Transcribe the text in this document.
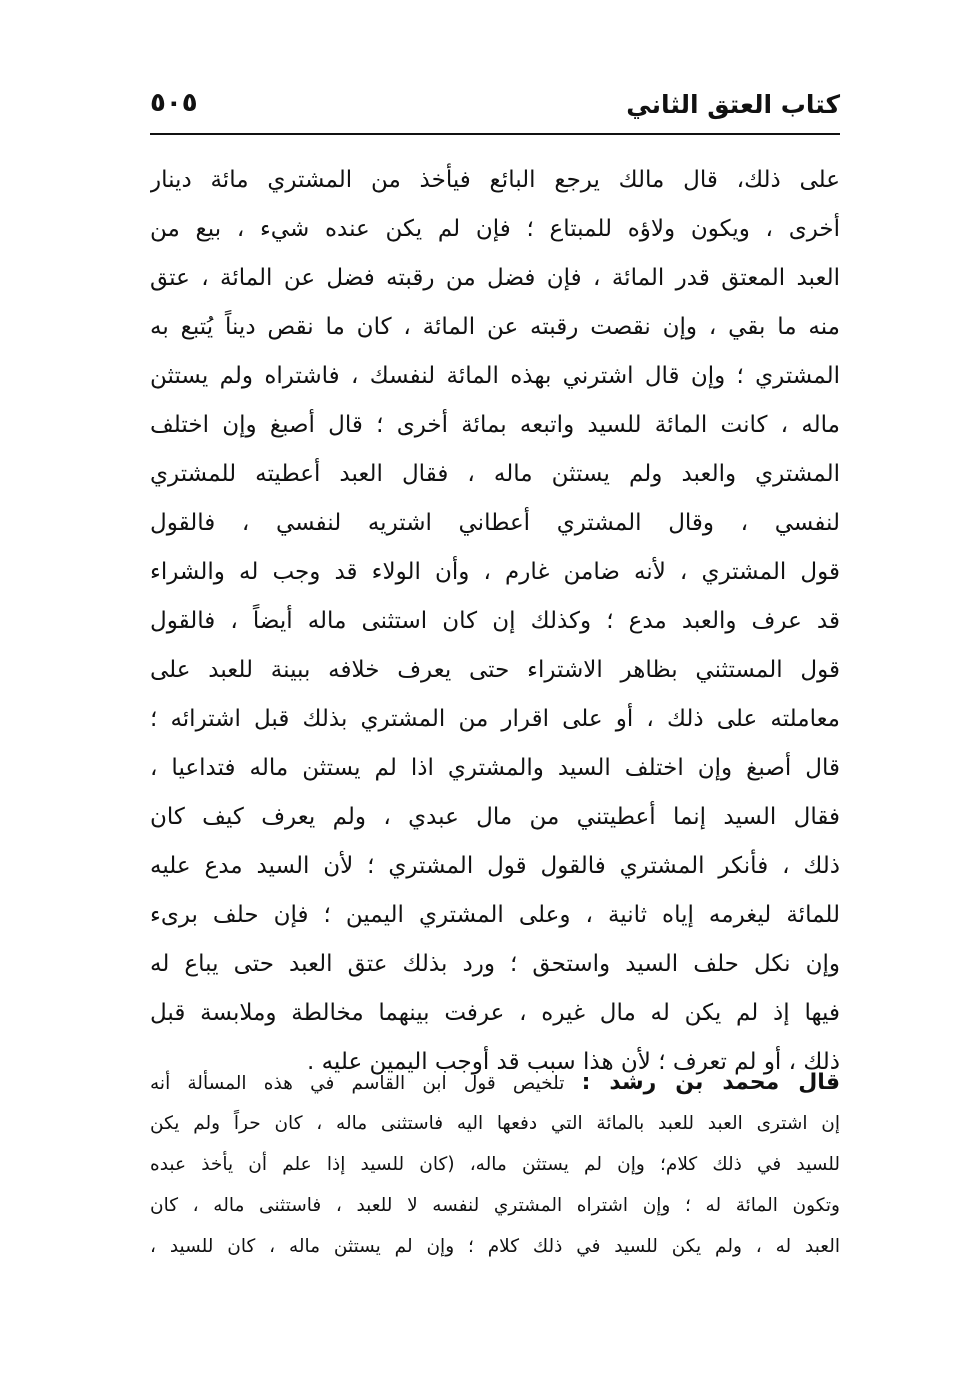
كتاب العتق الثاني
٥٠٥
على ذلك، قال مالك يرجع البائع فيأخذ من المشتري مائة دينار
أخرى ، ويكون ولاؤه للمبتاع ؛ فإن لم يكن عنده شيء ، بيع من
العبد المعتق قدر المائة ، فإن فضل من رقبته فضل عن المائة ، عتق
منه ما بقي ، وإن نقصت رقبته عن المائة ، كان ما نقص ديناً يُتبع به
المشتري ؛ وإن قال اشترني بهذه المائة لنفسك ، فاشتراه ولم يستثن
ماله ، كانت المائة للسيد واتبعه بمائة أخرى ؛ قال أصبغ وإن اختلف
المشتري والعبد ولم يستثن ماله ، فقال العبد أعطيته للمشتري
لنفسي ، وقال المشتري أعطاني اشتريه لنفسي ، فالقول
قول المشتري ، لأنه ضامن غارم ، وأن الولاء قد وجب له والشراء
قد عرف والعبد مدع ؛ وكذلك إن كان استثنى ماله أيضاً ، فالقول
قول المستثني بظاهر الاشتراء حتى يعرف خلافه ببينة للعبد على
معاملته على ذلك ، أو على اقرار من المشتري بذلك قبل اشترائه ؛
قال أصبغ وإن اختلف السيد والمشتري اذا لم يستثن ماله فتداعيا ،
فقال السيد إنما أعطيتني من مال عبدي ، ولم يعرف كيف كان
ذلك ، فأنكر المشتري فالقول قول المشتري ؛ لأن السيد مدع عليه
للمائة ليغرمه إياه ثانية ، وعلى المشتري اليمين ؛ فإن حلف برىء
وإن نكل حلف السيد واستحق ؛ ورد بذلك عتق العبد حتى يباع له
فيها إذ لم يكن له مال غيره ، عرفت بينهما مخالطة وملابسة قبل
ذلك ، أو لم تعرف ؛ لأن هذا سبب قد أوجب اليمين عليه .
قال محمد بن رشد : تلخيص قول ابن القاسم في هذه المسألة أنه
إن اشترى العبد للعبد بالمائة التي دفعها اليه فاستثنى ماله ، كان حراً ولم يكن
للسيد في ذلك كلام؛ وإن لم يستثن ماله، (كان للسيد إذا علم أن يأخذ عبده
وتكون المائة له ؛ وإن اشتراه المشتري لنفسه لا للعبد ، فاستثنى ماله ، كان
العبد له ، ولم يكن للسيد في ذلك كلام ؛ وإن لم يستثن ماله ، كان للسيد ،
